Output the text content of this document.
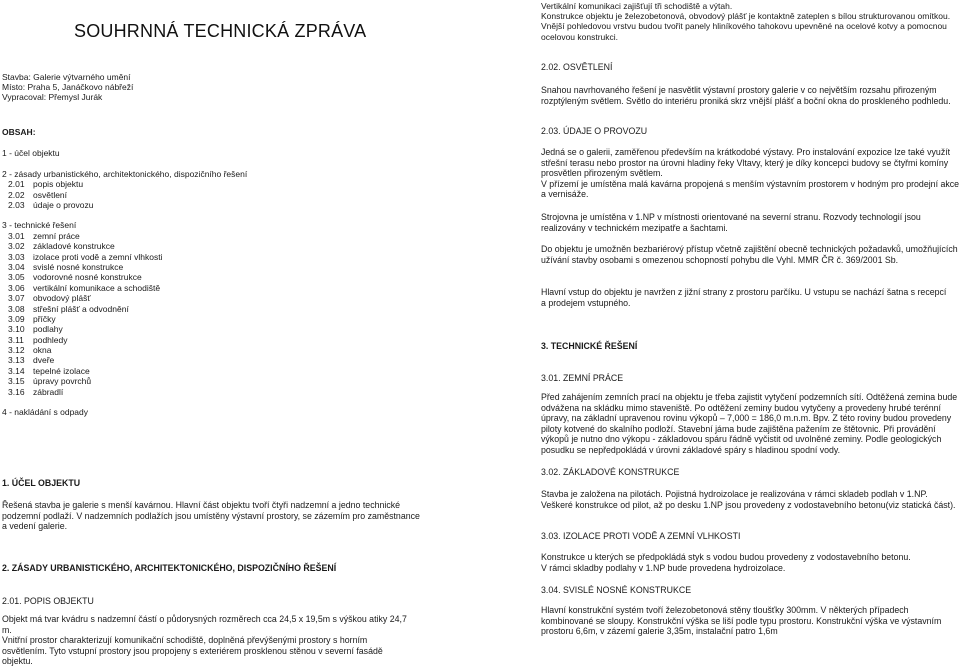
SOUHRNNÁ TECHNICKÁ ZPRÁVA
Vertikální komunikaci zajišťují tři schodiště a výtah.
Konstrukce objektu je železobetonová, obvodový plášť je kontaktně zateplen s bílou strukturovanou omítkou. Vnější pohledovou vrstvu budou tvořit panely hliníkového tahokovu upevněné na ocelové kotvy a pomocnou ocelovou konstrukci.
Stavba: Galerie výtvarného umění
Místo: Praha 5, Janáčkovo nábřeží
Vypracoval: Přemysl Jurák
OBSAH:
1 - účel objektu
2 - zásady urbanistického, architektonického, dispozičního řešení
2.01 popis objektu
2.02 osvětlení
2.03 údaje o provozu
3 - technické řešení
3.01 zemní práce
3.02 základové konstrukce
3.03 izolace proti vodě a zemní vlhkosti
3.04 svislé nosné konstrukce
3.05 vodorovné nosné konstrukce
3.06 vertikální komunikace a schodiště
3.07 obvodový plášť
3.08 střešní plášť a odvodnění
3.09 příčky
3.10 podlahy
3.11	podhledy
3.12 okna
3.13 dveře
3.14 tepelné izolace
3.15 úpravy povrchů
3.16 zábradlí
4 - nakládání s odpady
1. ÚČEL OBJEKTU
Řešená stavba je galerie s menší kavárnou. Hlavní část objektu tvoří čtyři nadzemní a jedno technické podzemní podlaží. V nadzemních podlažích jsou umístěny výstavní prostory, se zázemím pro zaměstnance a vedení galerie.
2. ZÁSADY URBANISTICKÉHO, ARCHITEKTONICKÉHO, DISPOZIČNÍHO ŘEŠENÍ
2.01. POPIS OBJEKTU
Objekt má tvar kvádru s nadzemní částí o půdorysných rozměrech cca 24,5 x 19,5m s výškou atiky 24,7 m.
Vnitřní prostor charakterizují komunikační schodiště, doplněná převýšenými prostory s horním osvětlením. Tyto vstupní prostory jsou propojeny s exteriérem prosklenou stěnou v severní fasádě objektu.
2.02. OSVĚTLENÍ
Snahou navrhovaného řešení je nasvětlit výstavní prostory galerie v co největším rozsahu přirozeným rozptýleným světlem. Světlo do interiéru proniká skrz vnější plášť a boční okna do prosklenéhо podhledu.
2.03. ÚDAJE O PROVOZU
Jedná se o galerii, zaměřenou především na krátkodobé výstavy. Pro instalování expozice lze také využít střešní terasu nebo prostor na úrovni hladiny řeky Vltavy, který je díky koncepci budovy se čtyřmi komíny prosvětlen přirozeným světlem.
V přízemí je umístěna malá kavárna propojená s menším výstavním prostorem v hodným pro prodejní akce a vernisáže.
Strojovna je umístěna v 1.NP v místnosti orientované na severní stranu. Rozvody technologií jsou realizovány v technickém mezipatře a šachtami.
Do objektu je umožněn bezbariérový přístup včetně zajištění obecně technických požadavků, umožňujících užívání stavby osobami s omezenou schopností pohybu dle Vyhl. MMR ČR č. 369/2001 Sb.
Hlavní vstup do objektu je navržen z jižní strany z prostoru parčíku. U vstupu se nachází šatna s recepcí a prodejem vstupného.
3. TECHNICKÉ ŘEŠENÍ
3.01. ZEMNÍ PRÁCE
Před zahájením zemních prací na objektu je třeba zajistit vytyčení podzemních sítí. Odtěžená zemina bude odvážena na skládku mimo staveniště. Po odtěžení zeminy budou vytyčeny a provedeny hrubé terénní úpravy, na základní upravenou rovinu výkopů – 7,000 = 186,0 m.n.m. Bpv. Z této roviny budou provedeny piloty kotvené do skalního podloží. Stavební jáma bude zajištěna pažením ze štětovnic. Při provádění výkopů je nutno dno výkopu - základovou spáru řádně vyčistit od uvolněné zeminy. Podle geologických posudku se nepředpokládá v úrovni základové spáry s hladinou spodní vody.
3.02. ZÁKLADOVÉ KONSTRUKCE
Stavba je založena na pilotách. Pojistná hydroizolace je realizována v rámci skladeb podlah v 1.NP. Veškeré konstrukce od pilot, až po desku 1.NP jsou provedeny z vodostavebního betonu(viz statická část).
3.03. IZOLACE PROTI VODĚ A ZEMNÍ VLHKOSTI
Konstrukce u kterých se předpokládá styk s vodou budou provedeny z vodostavebního betonu.
V rámci skladby podlahy v 1.NP bude provedena hydroizolace.
3.04. SVISLÉ NOSNÉ KONSTRUKCE
Hlavní konstrukční systém tvoří železobetonová stěny tloušťky 300mm. V některých případech kombinované se sloupy. Konstrukční výška se liší podle typu prostoru. Konstrukční výška ve výstavním prostoru 6,6m, v zázemí galerie 3,35m, instalační patro 1,6m
